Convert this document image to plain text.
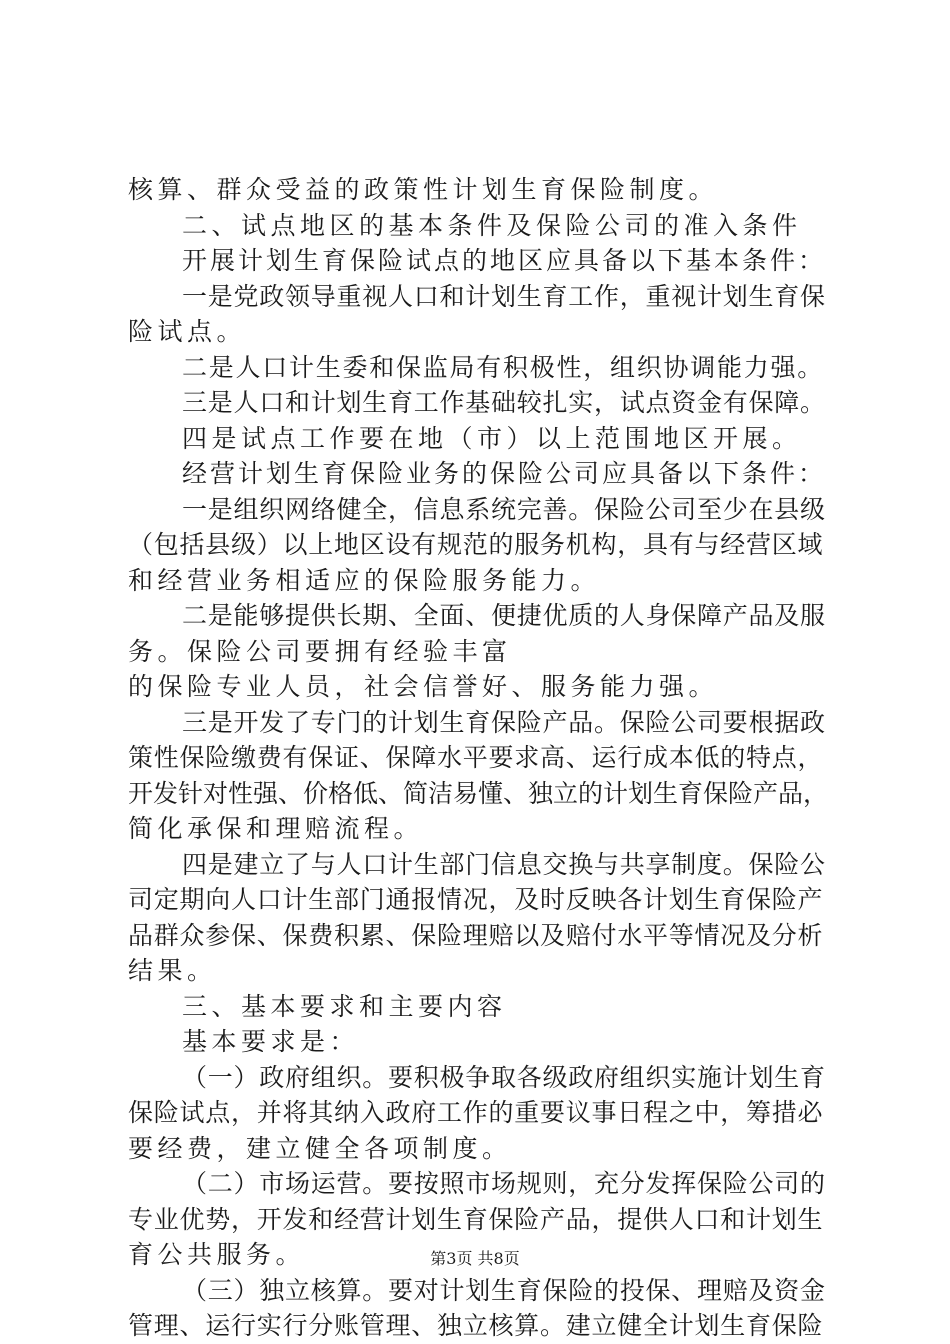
核算、群众受益的政策性计划生育保险制度。
二、试点地区的基本条件及保险公司的准入条件
开展计划生育保险试点的地区应具备以下基本条件：
一是党政领导重视人口和计划生育工作，重视计划生育保
险试点。
二是人口计生委和保监局有积极性，组织协调能力强。
三是人口和计划生育工作基础较扎实，试点资金有保障。
四是试点工作要在地（市）以上范围地区开展。
经营计划生育保险业务的保险公司应具备以下条件：
一是组织网络健全，信息系统完善。保险公司至少在县级
（包括县级）以上地区设有规范的服务机构，具有与经营区域
和经营业务相适应的保险服务能力。
二是能够提供长期、全面、便捷优质的人身保障产品及服
务。保险公司要拥有经验丰富
的保险专业人员，社会信誉好、服务能力强。
三是开发了专门的计划生育保险产品。保险公司要根据政
策性保险缴费有保证、保障水平要求高、运行成本低的特点，
开发针对性强、价格低、简洁易懂、独立的计划生育保险产品，
简化承保和理赔流程。
四是建立了与人口计生部门信息交换与共享制度。保险公
司定期向人口计生部门通报情况，及时反映各计划生育保险产
品群众参保、保费积累、保险理赔以及赔付水平等情况及分析
结果。
三、基本要求和主要内容
基本要求是：
（一）政府组织。要积极争取各级政府组织实施计划生育
保险试点，并将其纳入政府工作的重要议事日程之中，筹措必
要经费，建立健全各项制度。
（二）市场运营。要按照市场规则，充分发挥保险公司的
专业优势，开发和经营计划生育保险产品，提供人口和计划生
育公共服务。
（三）独立核算。要对计划生育保险的投保、理赔及资金
管理、运行实行分账管理、独立核算。建立健全计划生育保险
第3页 共8页
